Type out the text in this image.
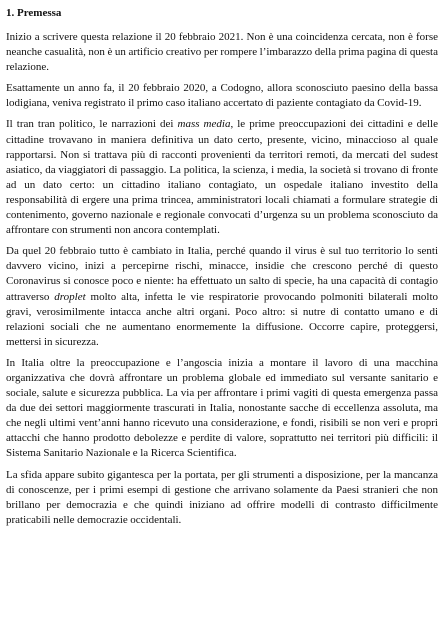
1. Premessa

Inizio a scrivere questa relazione il 20 febbraio 2021. Non è una coincidenza cercata, non è forse neanche casualità, non è un artificio creativo per rompere l’imbarazzo della prima pagina di questa relazione.

Esattamente un anno fa, il 20 febbraio 2020, a Codogno, allora sconosciuto paesino della bassa lodigiana, veniva registrato il primo caso italiano accertato di paziente contagiato da Covid-19.

Il tran tran politico, le narrazioni dei mass media, le prime preoccupazioni dei cittadini e delle cittadine trovavano in maniera definitiva un dato certo, presente, vicino, minaccioso al quale rapportarsi. Non si trattava più di racconti provenienti da territori remoti, da mercati del sudest asiatico, da viaggiatori di passaggio. La politica, la scienza, i media, la società si trovano di fronte ad un dato certo: un cittadino italiano contagiato, un ospedale italiano investito della responsabilità di ergere una prima trincea, amministratori locali chiamati a formulare strategie di contenimento, governo nazionale e regionale convocati d’urgenza su un problema sconosciuto da affrontare con strumenti non ancora contemplati.

Da quel 20 febbraio tutto è cambiato in Italia, perché quando il virus è sul tuo territorio lo senti davvero vicino, inizi a percepirne rischi, minacce, insidie che crescono perché di questo Coronavirus si conosce poco e niente: ha effettuato un salto di specie, ha una capacità di contagio attraverso droplet molto alta, infetta le vie respiratorie provocando polmoniti bilaterali molto gravi, verosimilmente intacca anche altri organi. Poco altro: si nutre di contatto umano e di relazioni sociali che ne aumentano enormemente la diffusione. Occorre capire, proteggersi, mettersi in sicurezza.

In Italia oltre la preoccupazione e l’angoscia inizia a montare il lavoro di una macchina organizzativa che dovrà affrontare un problema globale ed immediato sul versante sanitario e sociale, salute e sicurezza pubblica. La via per affrontare i primi vagiti di questa emergenza passa da due dei settori maggiormente trascurati in Italia, nonostante sacche di eccellenza assoluta, ma che negli ultimi vent’anni hanno ricevuto una considerazione, e fondi, risibili se non veri e propri attacchi che hanno prodotto debolezze e perdite di valore, soprattutto nei territori più difficili: il Sistema Sanitario Nazionale e la Ricerca Scientifica.

La sfida appare subito gigantesca per la portata, per gli strumenti a disposizione, per la mancanza di conoscenze, per i primi esempi di gestione che arrivano solamente da Paesi stranieri che non brillano per democrazia e che quindi iniziano ad offrire modelli di contrasto difficilmente praticabili nelle democrazie occidentali.
